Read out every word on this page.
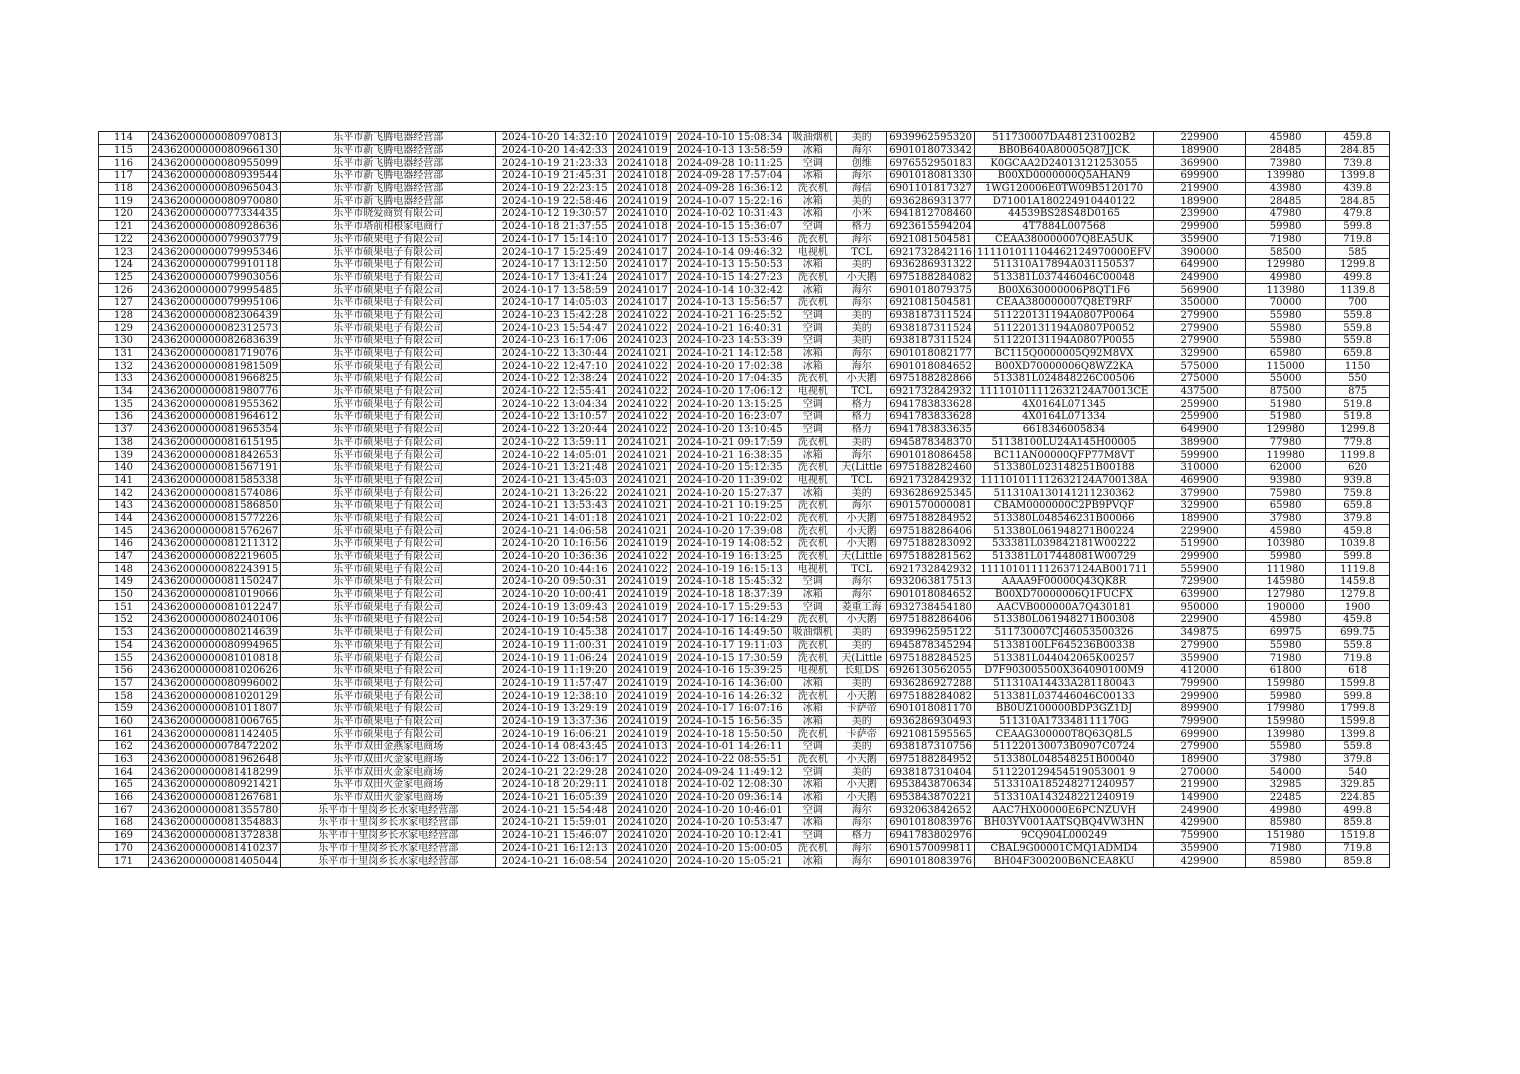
114	24362000000080970813	乐平市新飞腾电器经营部	2024-10-20 14:32:10	20241019	2024-10-10 15:08:34	吸油烟机	美的	6939962595320	511730007DA481231002B2	229900	45980	459.8
115	24362000000080966130	乐平市新飞腾电器经营部	2024-10-20 14:42:33	20241019	2024-10-13 13:58:59	冰箱	海尔	6901018073342	BB0B640A80005Q87JJCK	189900	28485	284.85
116	24362000000080955099	乐平市新飞腾电器经营部	2024-10-19 21:23:33	20241018	2024-09-28 10:11:25	空调	创维	6976552950183	K0GCAA2D24013121253055	369900	73980	739.8
117	24362000000080939544	乐平市新飞腾电器经营部	2024-10-19 21:45:31	20241018	2024-09-28 17:57:04	冰箱	海尔	6901018081330	B00XD0000000Q5AHAN9	699900	139980	1399.8
118	24362000000080965043	乐平市新飞腾电器经营部	2024-10-19 22:23:15	20241018	2024-09-28 16:36:12	洗衣机	海信	6901101817327	1WG120006E0TW09B5120170	219900	43980	439.8
119	24362000000080970080	乐平市新飞腾电器经营部	2024-10-19 22:58:46	20241019	2024-10-07 15:22:16	冰箱	美的	6936286931377	D71001A180224910440122	189900	28485	284.85
120	24362000000077334435	乐平市晓爱商贸有限公司	2024-10-12 19:30:57	20241010	2024-10-02 10:31:43	冰箱	小米	6941812708460	44539BS28S48D0165	239900	47980	479.8
121	24362000000080928636	乐平市塔前相根家电商行	2024-10-18 21:37:55	20241018	2024-10-15 15:36:07	空调	格力	6923615594204	4T7884L007568	299900	59980	599.8
122	24362000000079903779	乐平市硕果电子有限公司	2024-10-17 15:14:10	20241017	2024-10-13 15:53:46	洗衣机	海尔	6921081504581	CEAA380000007Q8EA5UK	359900	71980	719.8
123	24362000000079995346	乐平市硕果电子有限公司	2024-10-17 15:25:49	20241017	2024-10-14 09:46:32	电视机	TCL	6921732842116	111101011104462124970000EFV	390000	58500	585
124	24362000000079910118	乐平市硕果电子有限公司	2024-10-17 13:12:50	20241017	2024-10-13 15:50:53	冰箱	美的	6936286931322	511310A17894A031150537	649900	129980	1299.8
125	24362000000079903056	乐平市硕果电子有限公司	2024-10-17 13:41:24	20241017	2024-10-15 14:27:23	洗衣机	小天鹅	6975188284082	513381L037446046C00048	249900	49980	499.8
126	24362000000079995485	乐平市硕果电子有限公司	2024-10-17 13:58:59	20241017	2024-10-14 10:32:42	冰箱	海尔	6901018079375	B00X630000006P8QT1F6	569900	113980	1139.8
127	24362000000079995106	乐平市硕果电子有限公司	2024-10-17 14:05:03	20241017	2024-10-13 15:56:57	洗衣机	海尔	6921081504581	CEAA380000007Q8ET9RF	350000	70000	700
128	24362000000082306439	乐平市硕果电子有限公司	2024-10-23 15:42:28	20241022	2024-10-21 16:25:52	空调	美的	6938187311524	511220131194A0807P0064	279900	55980	559.8
129	24362000000082312573	乐平市硕果电子有限公司	2024-10-23 15:54:47	20241022	2024-10-21 16:40:31	空调	美的	6938187311524	511220131194A0807P0052	279900	55980	559.8
130	24362000000082683639	乐平市硕果电子有限公司	2024-10-23 16:17:06	20241023	2024-10-23 14:53:39	空调	美的	6938187311524	511220131194A0807P0055	279900	55980	559.8
131	24362000000081719076	乐平市硕果电子有限公司	2024-10-22 13:30:44	20241021	2024-10-21 14:12:58	冰箱	海尔	6901018082177	BC115Q0000005Q92M8VX	329900	65980	659.8
132	24362000000081981509	乐平市硕果电子有限公司	2024-10-22 12:47:10	20241022	2024-10-20 17:02:38	冰箱	海尔	6901018084652	B00XD70000006Q8WZ2KA	575000	115000	1150
133	24362000000081966825	乐平市硕果电子有限公司	2024-10-22 12:38:24	20241022	2024-10-20 17:04:35	洗衣机	小天鹅	6975188282866	513381L024848226C00506	275000	55000	550
134	24362000000081980776	乐平市硕果电子有限公司	2024-10-22 12:55:41	20241022	2024-10-20 17:06:12	电视机	TCL	6921732842932	111101011112632124A70013CE	437500	87500	875
135	24362000000081955362	乐平市硕果电子有限公司	2024-10-22 13:04:34	20241022	2024-10-20 13:15:25	空调	格力	6941783833628	4X0164L071345	259900	51980	519.8
136	24362000000081964612	乐平市硕果电子有限公司	2024-10-22 13:10:57	20241022	2024-10-20 16:23:07	空调	格力	6941783833628	4X0164L071334	259900	51980	519.8
137	24362000000081965354	乐平市硕果电子有限公司	2024-10-22 13:20:44	20241022	2024-10-20 13:10:45	空调	格力	6941783833635	6618346005834	649900	129980	1299.8
138	24362000000081615195	乐平市硕果电子有限公司	2024-10-22 13:59:11	20241021	2024-10-21 09:17:59	洗衣机	美的	6945878348370	51138100LU24A145H00005	389900	77980	779.8
139	24362000000081842653	乐平市硕果电子有限公司	2024-10-22 14:05:01	20241021	2024-10-21 16:38:35	冰箱	海尔	6901018086458	BC11AN00000QFP77M8VT	599900	119980	1199.8
140	24362000000081567191	乐平市硕果电子有限公司	2024-10-21 13:21:48	20241021	2024-10-20 15:12:35	洗衣机	天(Little	6975188282460	513380L023148251B00188	310000	62000	620
141	24362000000081585338	乐平市硕果电子有限公司	2024-10-21 13:45:03	20241021	2024-10-20 11:39:02	电视机	TCL	6921732842932	111101011112632124A700138A	469900	93980	939.8
142	24362000000081574086	乐平市硕果电子有限公司	2024-10-21 13:26:22	20241021	2024-10-20 15:27:37	冰箱	美的	6936286925345	511310A130141211230362	379900	75980	759.8
143	24362000000081586850	乐平市硕果电子有限公司	2024-10-21 13:53:43	20241021	2024-10-21 10:19:25	洗衣机	海尔	6901570000081	CBAM0000000C2PB9PVQF	329900	65980	659.8
144	24362000000081577226	乐平市硕果电子有限公司	2024-10-21 14:01:18	20241021	2024-10-21 10:22:02	洗衣机	小天鹅	6975188284952	513380L048546231B00066	189900	37980	379.8
145	24362000000081576267	乐平市硕果电子有限公司	2024-10-21 14:06:58	20241021	2024-10-20 17:39:08	洗衣机	小天鹅	6975188286406	513380L061948271B00224	229900	45980	459.8
146	24362000000081211312	乐平市硕果电子有限公司	2024-10-20 10:16:56	20241019	2024-10-19 14:08:52	洗衣机	小天鹅	6975188283092	533381L039842181W00222	519900	103980	1039.8
147	24362000000082219605	乐平市硕果电子有限公司	2024-10-20 10:36:36	20241022	2024-10-19 16:13:25	洗衣机	天(Little	6975188281562	513381L017448081W00729	299900	59980	599.8
148	24362000000082243915	乐平市硕果电子有限公司	2024-10-20 10:44:16	20241022	2024-10-19 16:15:13	电视机	TCL	6921732842932	111101011112637124AB001711	559900	111980	1119.8
149	24362000000081150247	乐平市硕果电子有限公司	2024-10-20 09:50:31	20241019	2024-10-18 15:45:32	空调	海尔	6932063817513	AAAA9F00000Q43QK8R	729900	145980	1459.8
150	24362000000081019066	乐平市硕果电子有限公司	2024-10-20 10:00:41	20241019	2024-10-18 18:37:39	冰箱	海尔	6901018084652	B00XD70000006Q1FUCFX	639900	127980	1279.8
151	24362000000081012247	乐平市硕果电子有限公司	2024-10-19 13:09:43	20241019	2024-10-17 15:29:53	空调	菱重工海	6932738454180	AACVB000000A7Q430181	950000	190000	1900
152	24362000000080240106	乐平市硕果电子有限公司	2024-10-19 10:54:58	20241017	2024-10-17 16:14:29	洗衣机	小天鹅	6975188286406	513380L061948271B00308	229900	45980	459.8
153	24362000000080214639	乐平市硕果电子有限公司	2024-10-19 10:45:38	20241017	2024-10-16 14:49:50	吸油烟机	美的	6939962595122	511730007CJ46053500326	349875	69975	699.75
154	24362000000080994965	乐平市硕果电子有限公司	2024-10-19 11:00:31	20241019	2024-10-17 19:11:03	洗衣机	美的	6945878345294	51338100LF645236B00338	279900	55980	559.8
155	24362000000081010818	乐平市硕果电子有限公司	2024-10-19 11:06:24	20241019	2024-10-15 17:30:59	洗衣机	天(Little	6975188284525	513381L044042065K00257	359900	71980	719.8
156	24362000000081020626	乐平市硕果电子有限公司	2024-10-19 11:19:20	20241019	2024-10-16 15:39:25	电视机	长虹DS	6926130562055	D7F903005500X364090100M9	412000	61800	618
157	24362000000080996002	乐平市硕果电子有限公司	2024-10-19 11:57:47	20241019	2024-10-16 14:36:00	冰箱	美的	6936286927288	511310A14433A281180043	799900	159980	1599.8
158	24362000000081020129	乐平市硕果电子有限公司	2024-10-19 12:38:10	20241019	2024-10-16 14:26:32	洗衣机	小天鹅	6975188284082	513381L037446046C00133	299900	59980	599.8
159	24362000000081011807	乐平市硕果电子有限公司	2024-10-19 13:29:19	20241019	2024-10-17 16:07:16	冰箱	卡萨帝	6901018081170	BB0UZ100000BDP3GZ1DJ	899900	179980	1799.8
160	24362000000081006765	乐平市硕果电子有限公司	2024-10-19 13:37:36	20241019	2024-10-15 16:56:35	冰箱	美的	6936286930493	511310A173348111170G	799900	159980	1599.8
161	24362000000081142405	乐平市硕果电子有限公司	2024-10-19 16:06:21	20241019	2024-10-18 15:50:50	洗衣机	卡萨帝	6921081595565	CEAAG300000T8Q63Q8L5	699900	139980	1399.8
162	24362000000078472202	乐平市双田金燕家电商场	2024-10-14 08:43:45	20241013	2024-10-01 14:26:11	空调	美的	6938187310756	511220130073B0907C0724	279900	55980	559.8
163	24362000000081962648	乐平市双田火金家电商场	2024-10-22 13:06:17	20241022	2024-10-22 08:55:51	洗衣机	小天鹅	6975188284952	513380L048548251B00040	189900	37980	379.8
164	24362000000081418299	乐平市双田火金家电商场	2024-10-21 22:29:28	20241020	2024-09-24 11:49:12	空调	美的	6938187310404	511220129454519053001 9	270000	54000	540
165	24362000000080921421	乐平市双田火金家电商场	2024-10-18 20:29:11	20241018	2024-10-02 12:08:30	冰箱	小天鹅	6953843870634	513310A185248271240957	219900	32985	329.85
166	24362000000081267681	乐平市双田火金家电商场	2024-10-21 16:05:39	20241020	2024-10-20 09:36:14	冰箱	小天鹅	6953843870221	513310A143248221240919	149900	22485	224.85
167	24362000000081355780	乐平市十里岗乡长水家电经营部	2024-10-21 15:54:48	20241020	2024-10-20 10:46:01	空调	海尔	6932063842652	AAC7HX00000E6PCNZUVH	249900	49980	499.8
168	24362000000081354883	乐平市十里岗乡长水家电经营部	2024-10-21 15:59:01	20241020	2024-10-20 10:53:47	冰箱	海尔	6901018083976	BH03YV001AATSQBQ4VW3HN	429900	85980	859.8
169	24362000000081372838	乐平市十里岗乡长水家电经营部	2024-10-21 15:46:07	20241020	2024-10-20 10:12:41	空调	格力	6941783802976	9CQ904L000249	759900	151980	1519.8
170	24362000000081410237	乐平市十里岗乡长水家电经营部	2024-10-21 16:12:13	20241020	2024-10-20 15:00:05	洗衣机	海尔	6901570099811	CBAL9G00001CMQ1ADMD4	359900	71980	719.8
171	24362000000081405044	乐平市十里岗乡长水家电经营部	2024-10-21 16:08:54	20241020	2024-10-20 15:05:21	冰箱	海尔	6901018083976	BH04F300200B6NCEA8KU	429900	85980	859.8
